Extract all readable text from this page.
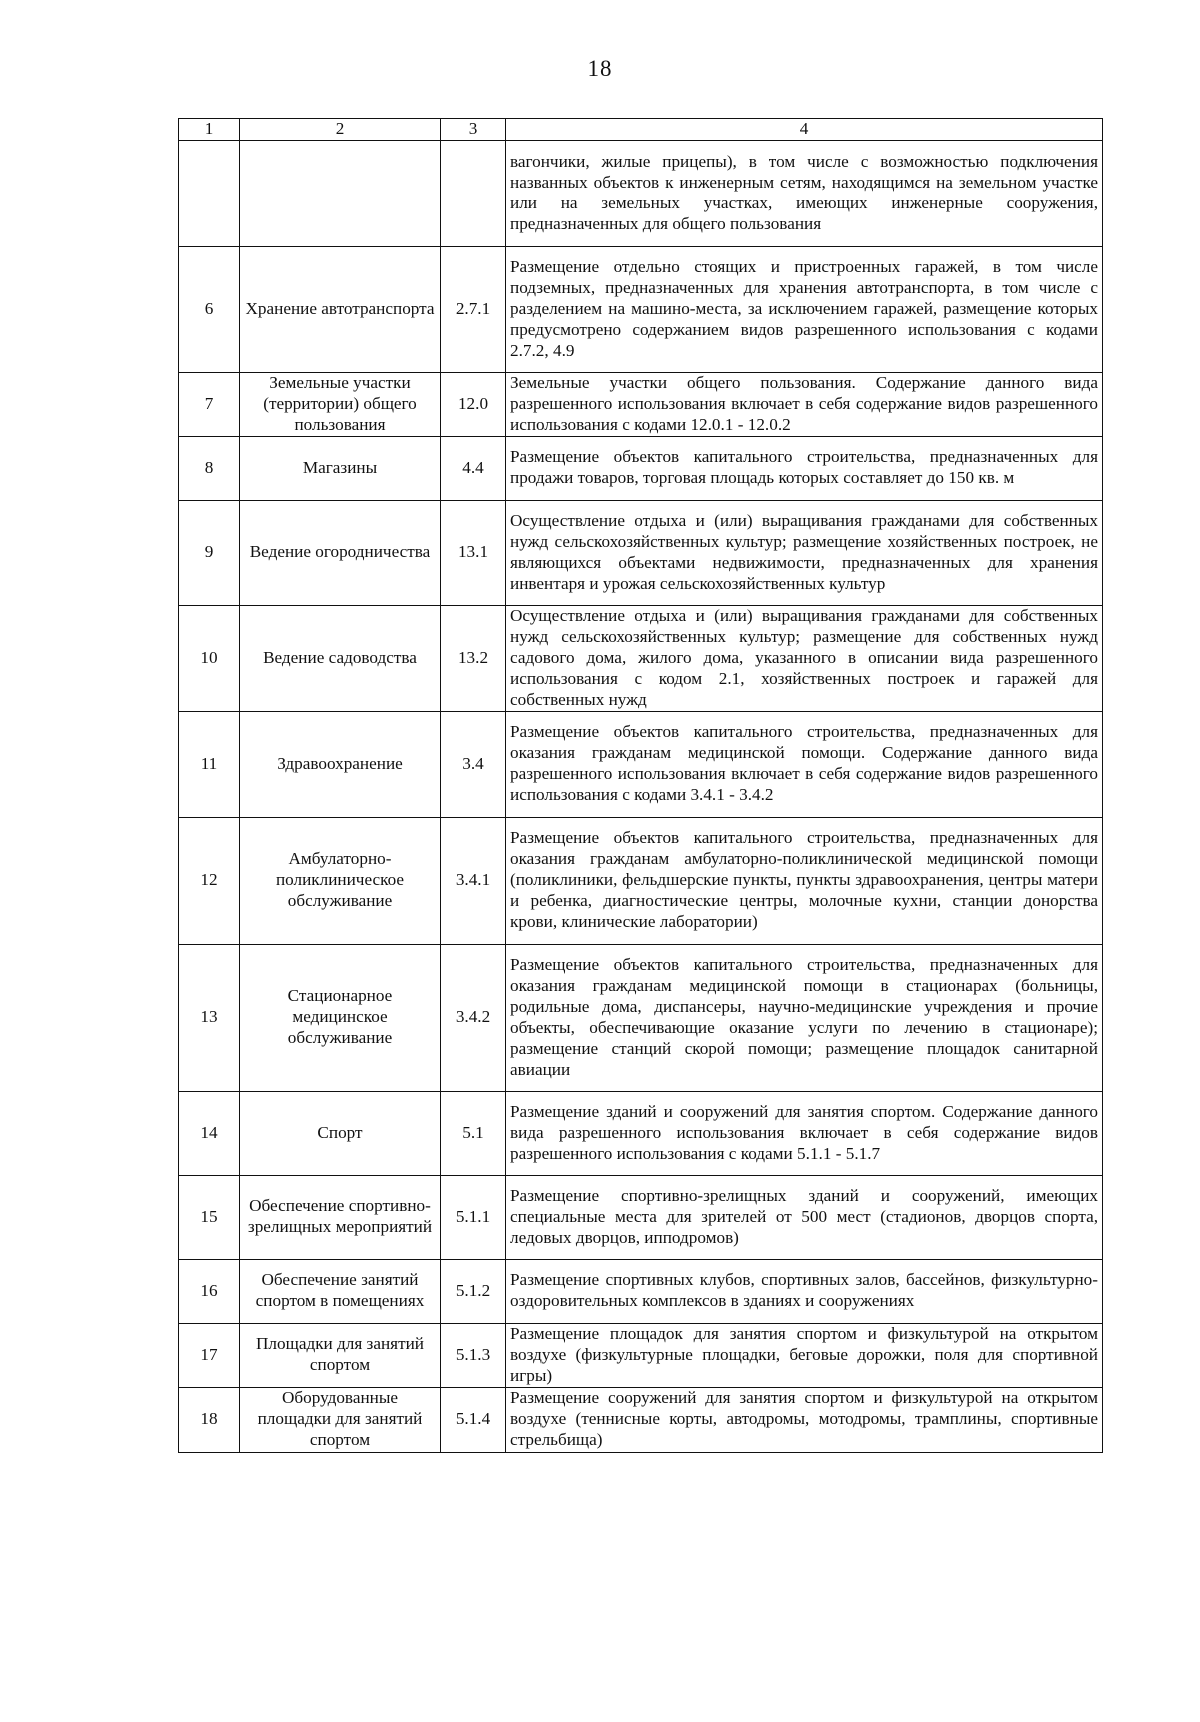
18
1	2	3	4
			вагончики, жилые прицепы), в том числе с возможностью подключения названных объектов к инженерным сетям, находящимся на земельном участке или на земельных участках, имеющих инженерные сооружения, предназначенных для общего пользования
6	Хранение автотранспорта	2.7.1	Размещение отдельно стоящих и пристроенных гаражей, в том числе подземных, предназначенных для хранения автотранспорта, в том числе с разделением на машино-места, за исключением гаражей, размещение которых предусмотрено содержанием видов разрешенного использования с кодами 2.7.2, 4.9
7	Земельные участки (территории) общего пользования	12.0	Земельные участки общего пользования. Содержание данного вида разрешенного использования включает в себя содержание видов разрешенного использования с кодами 12.0.1 - 12.0.2
8	Магазины	4.4	Размещение объектов капитального строительства, предназначенных для продажи товаров, торговая площадь которых составляет до 150 кв. м
9	Ведение огородничества	13.1	Осуществление отдыха и (или) выращивания гражданами для собственных нужд сельскохозяйственных культур; размещение хозяйственных построек, не являющихся объектами недвижимости, предназначенных для хранения инвентаря и урожая сельскохозяйственных культур
10	Ведение садоводства	13.2	Осуществление отдыха и (или) выращивания гражданами для собственных нужд сельскохозяйственных культур; размещение для собственных нужд садового дома, жилого дома, указанного в описании вида разрешенного использования с кодом 2.1, хозяйственных построек и гаражей для собственных нужд
11	Здравоохранение	3.4	Размещение объектов капитального строительства, предназначенных для оказания гражданам медицинской помощи. Содержание данного вида разрешенного использования включает в себя содержание видов разрешенного использования с кодами 3.4.1 - 3.4.2
12	Амбулаторно-поликлиническое обслуживание	3.4.1	Размещение объектов капитального строительства, предназначенных для оказания гражданам амбулаторно-поликлинической медицинской помощи (поликлиники, фельдшерские пункты, пункты здравоохранения, центры матери и ребенка, диагностические центры, молочные кухни, станции донорства крови, клинические лаборатории)
13	Стационарное медицинское обслуживание	3.4.2	Размещение объектов капитального строительства, предназначенных для оказания гражданам медицинской помощи в стационарах (больницы, родильные дома, диспансеры, научно-медицинские учреждения и прочие объекты, обеспечивающие оказание услуги по лечению в стационаре); размещение станций скорой помощи; размещение площадок санитарной авиации
14	Спорт	5.1	Размещение зданий и сооружений для занятия спортом. Содержание данного вида разрешенного использования включает в себя содержание видов разрешенного использования с кодами 5.1.1 - 5.1.7
15	Обеспечение спортивно-зрелищных мероприятий	5.1.1	Размещение спортивно-зрелищных зданий и сооружений, имеющих специальные места для зрителей от 500 мест (стадионов, дворцов спорта, ледовых дворцов, ипподромов)
16	Обеспечение занятий спортом в помещениях	5.1.2	Размещение спортивных клубов, спортивных залов, бассейнов, физкультурно-оздоровительных комплексов в зданиях и сооружениях
17	Площадки для занятий спортом	5.1.3	Размещение площадок для занятия спортом и физкультурой на открытом воздухе (физкультурные площадки, беговые дорожки, поля для спортивной игры)
18	Оборудованные площадки для занятий спортом	5.1.4	Размещение сооружений для занятия спортом и физкультурой на открытом воздухе (теннисные корты, автодромы, мотодромы, трамплины, спортивные стрельбища)
